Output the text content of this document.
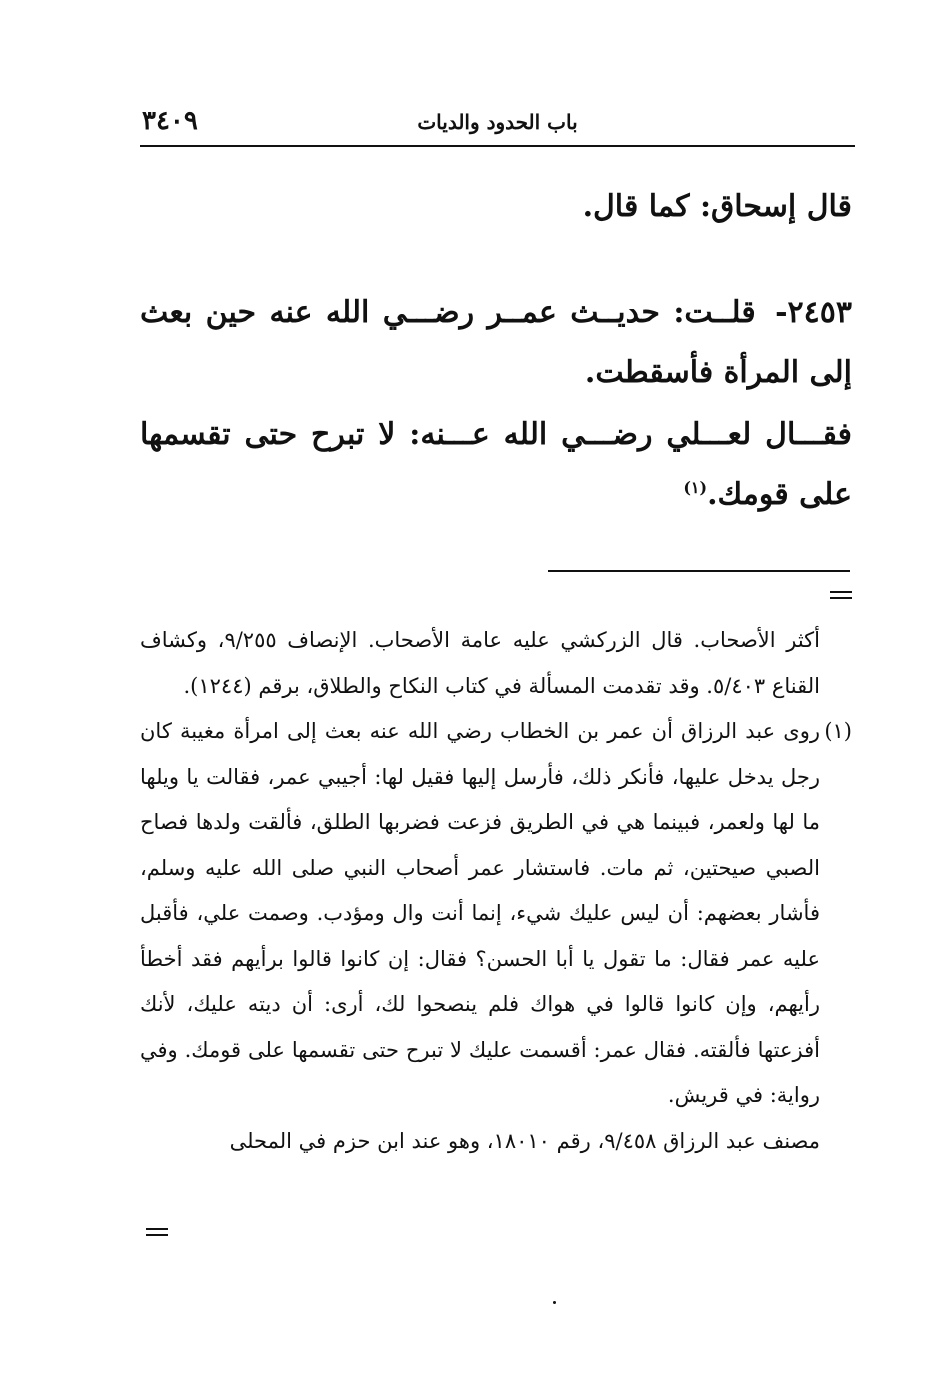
باب الحدود والديات
٣٤٠٩
قال إسحاق: كما قال.
٢٤٥٣- قلــت: حديــث عمــر رضـــي الله عنه حين بعث إلى المرأة فأسقطت.
فقـــال لعـــلي رضـــي الله عـــنه: لا تبرح حتى تقسمها على قومك.$^{(١)}$

أكثر الأصحاب. قال الزركشي عليه عامة الأصحاب. الإنصاف ٩/٢٥٥، وكشاف القناع ٥/٤٠٣. وقد تقدمت المسألة في كتاب النكاح والطلاق، برقم (١٢٤٤).

(١)

روى عبد الرزاق أن عمر بن الخطاب رضي الله عنه بعث إلى امرأة مغيبة كان رجل يدخل عليها، فأنكر ذلك، فأرسل إليها فقيل لها: أجيبي عمر، فقالت يا ويلها ما لها ولعمر، فبينما هي في الطريق فزعت فضربها الطلق، فألقت ولدها فصاح الصبي صيحتين، ثم مات. فاستشار عمر أصحاب النبي صلى الله عليه وسلم، فأشار بعضهم: أن ليس عليك شيء، إنما أنت وال ومؤدب. وصمت علي، فأقبل عليه عمر فقال: ما تقول يا أبا الحسن؟ فقال: إن كانوا قالوا برأيهم فقد أخطأ رأيهم، وإن كانوا قالوا في هواك فلم ينصحوا لك، أرى: أن ديته عليك، لأنك أفزعتها فألقته. فقال عمر: أقسمت عليك لا تبرح حتى تقسمها على قومك. وفي رواية: في قريش.

مصنف عبد الرزاق ٩/٤٥٨، رقم ١٨٠١٠، وهو عند ابن حزم في المحلى
